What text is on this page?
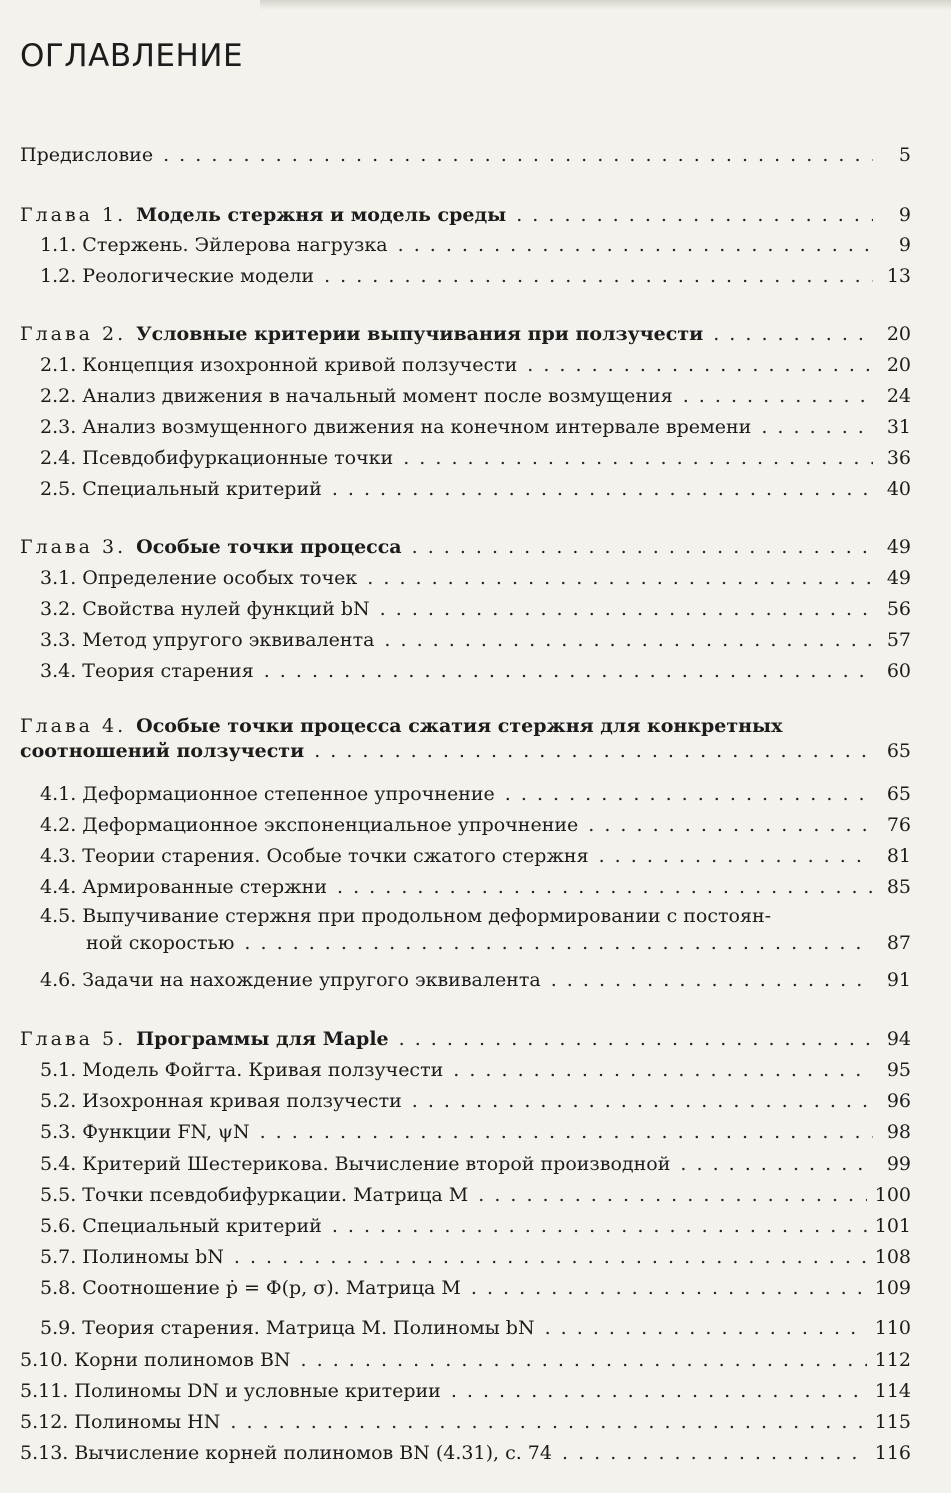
ОГЛАВЛЕНИЕ
Предисловие . . .	5
Глава 1. Модель стержня и модель среды . . .	9
1.1. Стержень. Эйлерова нагрузка . . .	9
1.2. Реологические модели . . .	13
Глава 2. Условные критерии выпучивания при ползучести . . .	20
2.1. Концепция изохронной кривой ползучести . . .	20
2.2. Анализ движения в начальный момент после возмущения . . .	24
2.3. Анализ возмущенного движения на конечном интервале времени . . .	31
2.4. Псевдобифуркационные точки . . .	36
2.5. Специальный критерий . . .	40
Глава 3. Особые точки процесса . . .	49
3.1. Определение особых точек . . .	49
3.2. Свойства нулей функций bN . . .	56
3.3. Метод упругого эквивалента . . .	57
3.4. Теория старения . . .	60
Глава 4. Особые точки процесса сжатия стержня для конкретных
соотношений ползучести . . .	65
4.1. Деформационное степенное упрочнение . . .	65
4.2. Деформационное экспоненциальное упрочнение . . .	76
4.3. Теории старения. Особые точки сжатого стержня . . .	81
4.4. Армированные стержни . . .	85
4.5. Выпучивание стержня при продольном деформировании с постоян-
ной скоростью . . .	87
4.6. Задачи на нахождение упругого эквивалента . . .	91
Глава 5. Программы для Maple . . .	94
5.1. Модель Фойгта. Кривая ползучести . . .	95
5.2. Изохронная кривая ползучести . . .	96
5.3. Функции FN, ψN . . .	98
5.4. Критерий Шестерикова. Вычисление второй производной . . .	99
5.5. Точки псевдобифуркации. Матрица M . . .	100
5.6. Специальный критерий . . .	101
5.7. Полиномы bN . . .	108
5.8. Соотношение ṗ = Φ(p, σ). Матрица M . . .	109
5.9. Теория старения. Матрица M. Полиномы bN . . .	110
5.10. Корни полиномов BN . . .	112
5.11. Полиномы DN и условные критерии . . .	114
5.12. Полиномы HN . . .	115
5.13. Вычисление корней полиномов BN (4.31), с. 74 . . .	116
